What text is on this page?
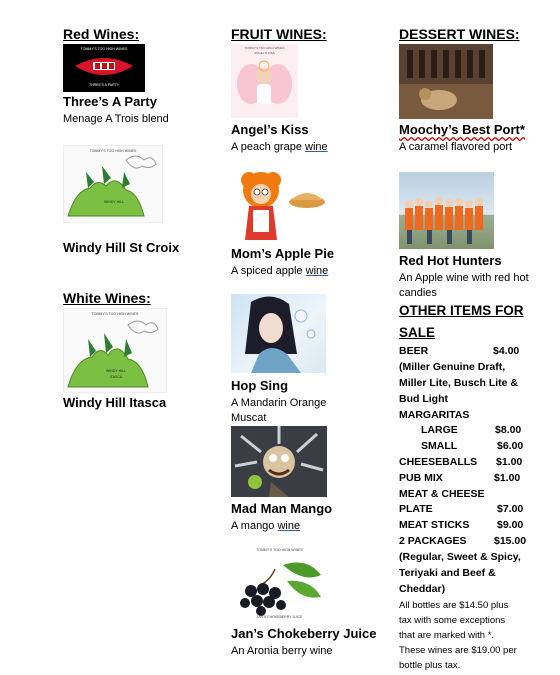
Red Wines:
TOMMY'S TOO HIGH WINES
THREE'S A PARTY
Three’s A Party
Menage A Trois blend
TOMMY'S TOO HIGH WINES
WINDY HILL
Windy Hill St Croix
White Wines:
TOMMY'S TOO HIGH WINES
WINDY HILL
ITASCA
Windy Hill Itasca
FRUIT WINES:
TOMMY'S TOO HIGH WINES
ANGEL'S KISS
Angel’s Kiss
A peach grape wine
Mom’s Apple Pie
A spiced apple wine
Hop Sing
A Mandarin Orange Muscat
Mad Man Mango
A mango wine
TOMMY'S TOO HIGH WINES
JAN'S CHOKEBERRY JUICE
Jan’s Chokeberry Juice
An Aronia berry wine
DESSERT WINES:
Moochy’s Best Port*
A caramel flavored port
Red Hot Hunters
An Apple wine with red hot candies
OTHER ITEMS FOR
SALE
BEER	$4.00
(Miller Genuine Draft,
Miller Lite, Busch Lite &
Bud Light
MARGARITAS
LARGE	$8.00
SMALL	$6.00
CHEESEBALLS $1.00
PUB MIX	$1.00
MEAT & CHEESE
PLATE	$7.00
MEAT STICKS	$9.00
2 PACKAGES	$15.00
(Regular, Sweet & Spicy,
Teriyaki and Beef &
Cheddar)
All bottles are $14.50 plus
tax with some exceptions
that are marked with *.
These wines are $19.00 per
bottle plus tax.
